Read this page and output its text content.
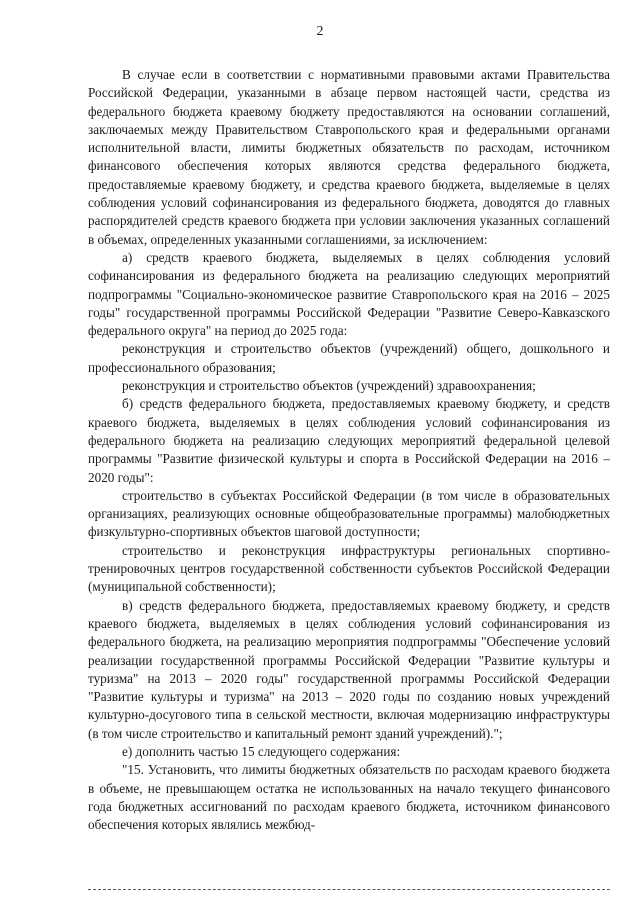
2

В случае если в соответствии с нормативными правовыми актами Правительства Российской Федерации, указанными в абзаце первом настоящей части, средства из федерального бюджета краевому бюджету предоставляются на основании соглашений, заключаемых между Правительством Ставропольского края и федеральными органами исполнительной власти, лимиты бюджетных обязательств по расходам, источником финансового обеспечения которых являются средства федерального бюджета, предоставляемые краевому бюджету, и средства краевого бюджета, выделяемые в целях соблюдения условий софинансирования из федерального бюджета, доводятся до главных распорядителей средств краевого бюджета при условии заключения указанных соглашений в объемах, определенных указанными соглашениями, за исключением:

а) средств краевого бюджета, выделяемых в целях соблюдения условий софинансирования из федерального бюджета на реализацию следующих мероприятий подпрограммы "Социально-экономическое развитие Ставропольского края на 2016 – 2025 годы" государственной программы Российской Федерации "Развитие Северо-Кавказского федерального округа" на период до 2025 года:

реконструкция и строительство объектов (учреждений) общего, дошкольного и профессионального образования;

реконструкция и строительство объектов (учреждений) здравоохранения;

б) средств федерального бюджета, предоставляемых краевому бюджету, и средств краевого бюджета, выделяемых в целях соблюдения условий софинансирования из федерального бюджета на реализацию следующих мероприятий федеральной целевой программы "Развитие физической культуры и спорта в Российской Федерации на 2016 – 2020 годы":

строительство в субъектах Российской Федерации (в том числе в образовательных организациях, реализующих основные общеобразовательные программы) малобюджетных физкультурно-спортивных объектов шаговой доступности;

строительство и реконструкция инфраструктуры региональных спортивно-тренировочных центров государственной собственности субъектов Российской Федерации (муниципальной собственности);

в) средств федерального бюджета, предоставляемых краевому бюджету, и средств краевого бюджета, выделяемых в целях соблюдения условий софинансирования из федерального бюджета, на реализацию мероприятия подпрограммы "Обеспечение условий реализации государственной программы Российской Федерации "Развитие культуры и туризма" на 2013 – 2020 годы" государственной программы Российской Федерации "Развитие культуры и туризма" на 2013 – 2020 годы по созданию новых учреждений культурно-досугового типа в сельской местности, включая модернизацию инфраструктуры (в том числе строительство и капитальный ремонт зданий учреждений).";

е) дополнить частью 15 следующего содержания:

"15. Установить, что лимиты бюджетных обязательств по расходам краевого бюджета в объеме, не превышающем остатка не использованных на начало текущего финансового года бюджетных ассигнований по расходам краевого бюджета, источником финансового обеспечения которых являлись межбюд-
